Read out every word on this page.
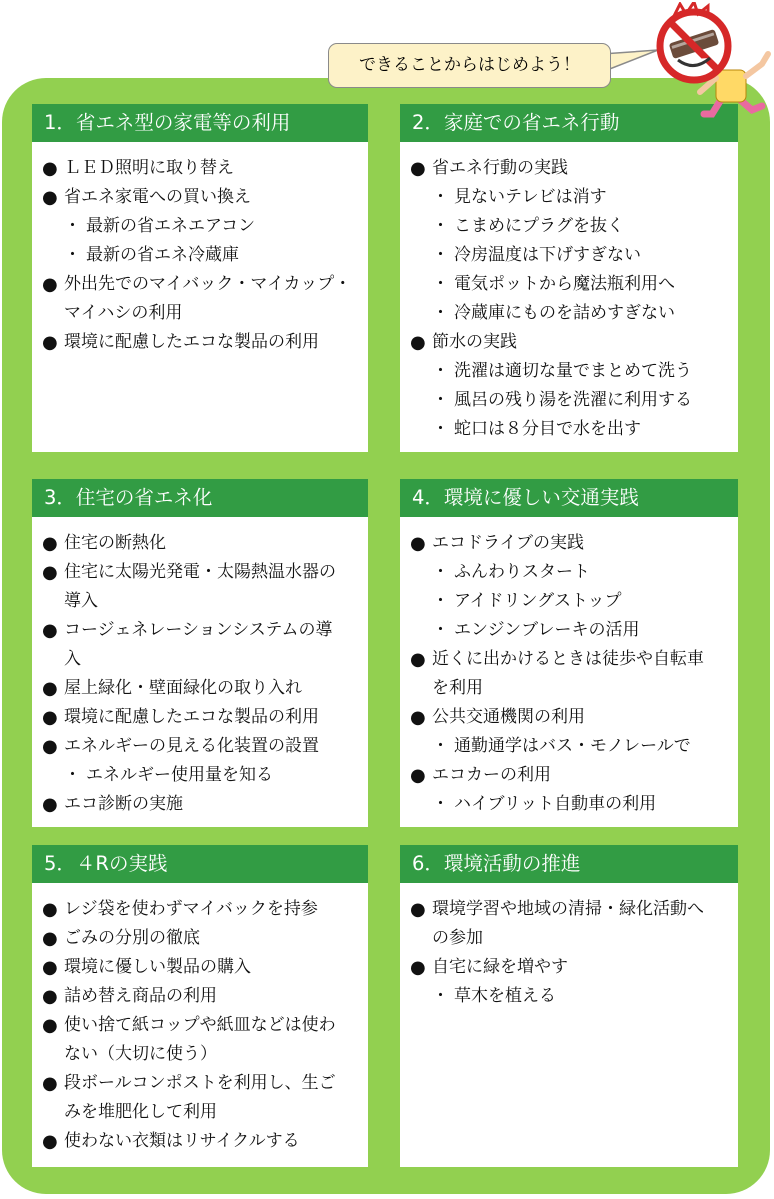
できることからはじめよう！
1．省エネ型の家電等の利用
● ＬＥＤ照明に取り替え
● 省エネ家電への買い換え
・ 最新の省エネエアコン
・ 最新の省エネ冷蔵庫
● 外出先でのマイバック・マイカップ・
マイハシの利用
● 環境に配慮したエコな製品の利用
2．家庭での省エネ行動
● 省エネ行動の実践
・ 見ないテレビは消す
・ こまめにプラグを抜く
・ 冷房温度は下げすぎない
・ 電気ポットから魔法瓶利用へ
・ 冷蔵庫にものを詰めすぎない
● 節水の実践
・ 洗濯は適切な量でまとめて洗う
・ 風呂の残り湯を洗濯に利用する
・ 蛇口は８分目で水を出す
3．住宅の省エネ化
● 住宅の断熱化
● 住宅に太陽光発電・太陽熱温水器の
導入
● コージェネレーションシステムの導
入
● 屋上緑化・壁面緑化の取り入れ
● 環境に配慮したエコな製品の利用
● エネルギーの見える化装置の設置
・ エネルギー使用量を知る
● エコ診断の実施
4．環境に優しい交通実践
● エコドライブの実践
・ ふんわりスタート
・ アイドリングストップ
・ エンジンブレーキの活用
● 近くに出かけるときは徒歩や自転車
を利用
● 公共交通機関の利用
・ 通勤通学はバス・モノレールで
● エコカーの利用
・ ハイブリット自動車の利用
5．４Rの実践
● レジ袋を使わずマイバックを持参
● ごみの分別の徹底
● 環境に優しい製品の購入
● 詰め替え商品の利用
● 使い捨て紙コップや紙皿などは使わ
ない（大切に使う）
● 段ボールコンポストを利用し、生ご
みを堆肥化して利用
● 使わない衣類はリサイクルする
6．環境活動の推進
● 環境学習や地域の清掃・緑化活動へ
の参加
● 自宅に緑を増やす
・ 草木を植える
